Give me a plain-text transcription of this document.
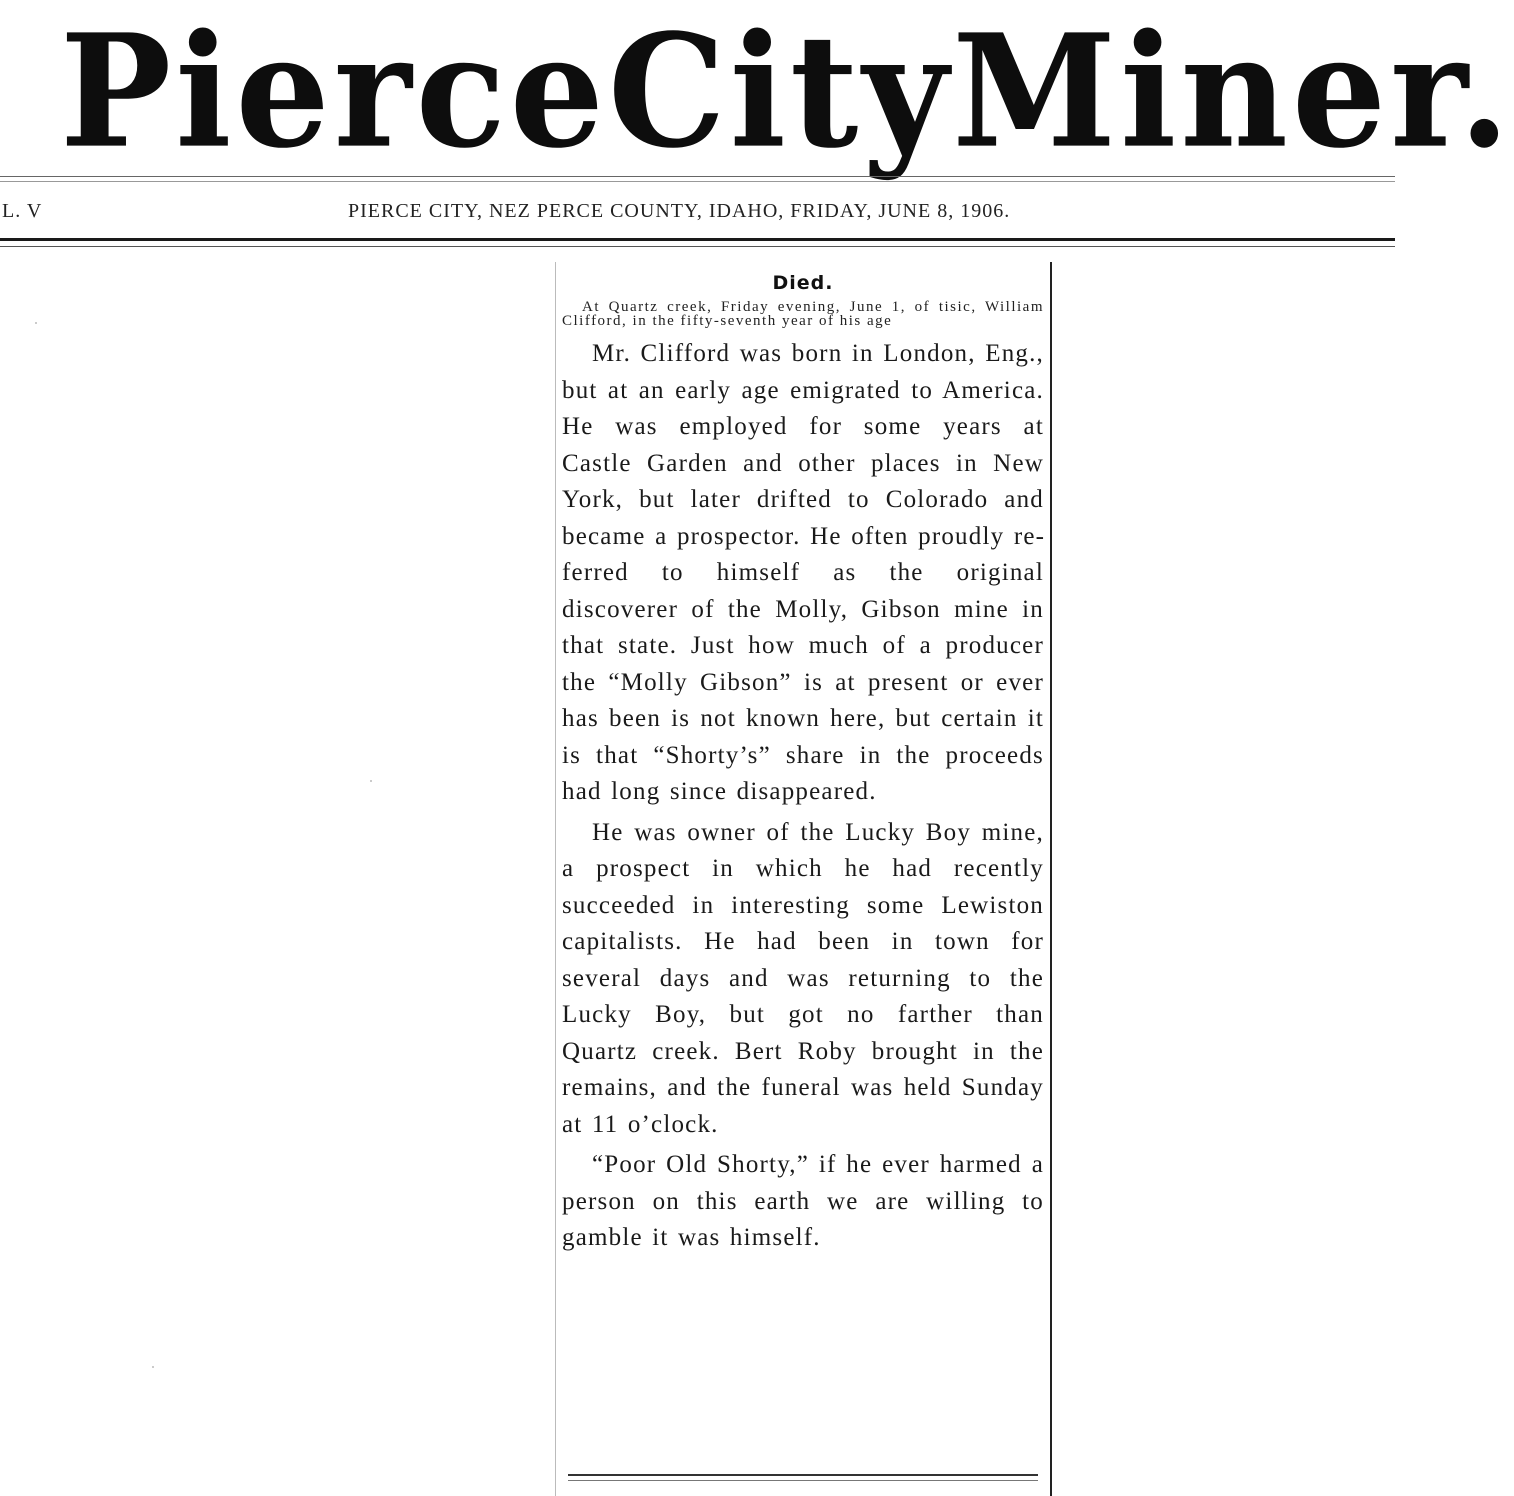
Pierce City Miner.
L. V	PIERCE CITY, NEZ PERCE COUNTY, IDAHO, FRIDAY, JUNE 8, 1906.
Died.

At Quartz creek, Friday evening, June 1, of tisic, William Clifford, in the fifty-seventh year of his age

Mr. Clifford was born in London, Eng., but at an early age emigrated to America. He was employed for some years at Castle Garden and other places in New York, but later drifted to Colorado and became a prospector. He often proudly referred to himself as the original discoverer of the Molly, Gibson mine in that state. Just how much of a producer the “Molly Gibson” is at present or ever has been is not known here, but certain it is that “Shorty’s” share in the proceeds had long since disappeared.

He was owner of the Lucky Boy mine, a prospect in which he had recently succeeded in interesting some Lewiston capitalists. He had been in town for several days and was returning to the Lucky Boy, but got no farther than Quartz creek. Bert Roby brought in the remains, and the funeral was held Sunday at 11 o’clock.

“Poor Old Shorty,” if he ever harmed a person on this earth we are willing to gamble it was himself.
